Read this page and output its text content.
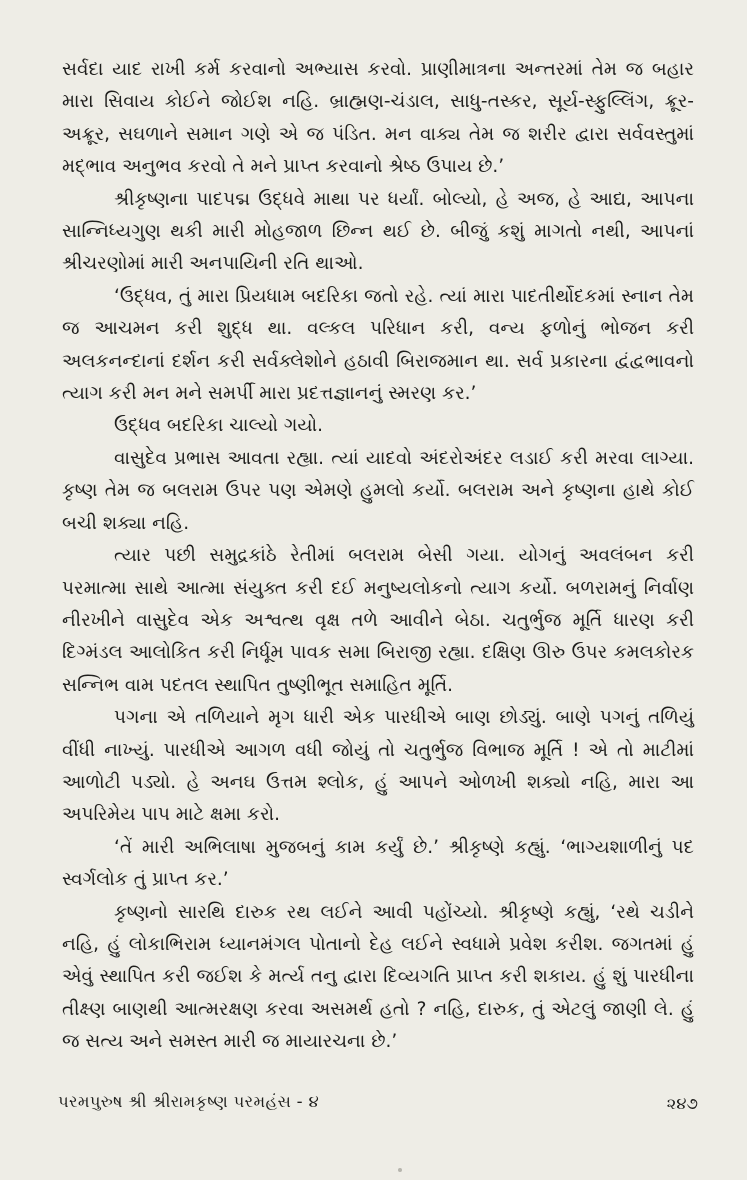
સર્વદા યાદ રાખી કર્મ કરવાનો અભ્યાસ કરવો. પ્રાણીમાત્રના અન્તરમાં તેમ જ બહાર મારા સિવાય કોઈને જોઈશ નહિ. બ્રાહ્મણ-ચંડાલ, સાધુ-તસ્કર, સૂર્ય-સ્ફુલ્લિંગ, ક્રૂર-અક્રૂર, સઘળાને સમાન ગણે એ જ પંડિત. મન વાક્ય તેમ જ શરીર દ્વારા સર્વવસ્તુમાં મદ્ભાવ અનુભવ કરવો તે મને પ્રાપ્ત કરવાનો શ્રેષ્ઠ ઉપાય છે.’

શ્રીકૃષ્ણના પાદપદ્મ ઉદ્ધવે માથા પર ધર્યાં. બોલ્યો, હે અજ, હે આદ્ય, આપના સાન્નિધ્યગુણ થકી મારી મોહજાળ છિન્ન થઈ છે. બીજું કશું માગતો નથી, આપનાં શ્રીચરણોમાં મારી અનપાયિની રતિ થાઓ.

‘ઉદ્ધવ, તું મારા પ્રિયધામ બદરિકા જતો રહે. ત્યાં મારા પાદતીર્થોદકમાં સ્નાન તેમ જ આચમન કરી શુદ્ધ થા. વલ્કલ પરિધાન કરી, વન્ય ફળોનું ભોજન કરી અલકનન્દાનાં દર્શન કરી સર્વક્લેશોને હઠાવી બિરાજમાન થા. સર્વ પ્રકારના દ્વંદ્વભાવનો ત્યાગ કરી મન મને સમર્પી મારા પ્રદત્તજ્ઞાનનું સ્મરણ કર.’

ઉદ્ધવ બદરિકા ચાલ્યો ગયો.

વાસુદેવ પ્રભાસ આવતા રહ્યા. ત્યાં યાદવો અંદરોઅંદર લડાઈ કરી મરવા લાગ્યા. કૃષ્ણ તેમ જ બલરામ ઉપર પણ એમણે હુમલો કર્યો. બલરામ અને કૃષ્ણના હાથે કોઈ બચી શક્યા નહિ.

ત્યાર પછી સમુદ્રકાંઠે રેતીમાં બલરામ બેસી ગયા. યોગનું અવલંબન કરી પરમાત્મા સાથે આત્મા સંયુક્ત કરી દઈ મનુષ્યલોકનો ત્યાગ કર્યો. બળરામનું નિર્વાણ નીરખીને વાસુદેવ એક અશ્વત્થ વૃક્ષ તળે આવીને બેઠા. ચતુર્ભુજ મૂર્તિ ધારણ કરી દિગ્મંડલ આલોકિત કરી નિર્ધૂમ પાવક સમા બિરાજી રહ્યા. દક્ષિણ ઊરુ ઉપર કમલકોરક સન્નિભ વામ પદતલ સ્થાપિત તુષ્ણીભૂત સમાહિત મૂર્તિ.

પગના એ તળિયાને મૃગ ધારી એક પારધીએ બાણ છોડ્યું. બાણે પગનું તળિયું વીંધી નાખ્યું. પારધીએ આગળ વધી જોયું તો ચતુર્ભુજ વિભાજ મૂર્તિ ! એ તો માટીમાં આળોટી પડ્યો. હે અનઘ ઉત્તમ શ્લોક, હું આપને ઓળખી શક્યો નહિ, મારા આ અપરિમેય પાપ માટે ક્ષમા કરો.

‘તેં મારી અભિલાષા મુજબનું કામ કર્યું છે.’ શ્રીકૃષ્ણે કહ્યું. ‘ભાગ્યશાળીનું પદ સ્વર્ગલોક તું પ્રાપ્ત કર.’

કૃષ્ણનો સારથિ દારુક રથ લઈને આવી પહોંચ્યો. શ્રીકૃષ્ણે કહ્યું, ‘રથે ચડીને નહિ, હું લોકાભિરામ ધ્યાનમંગલ પોતાનો દેહ લઈને સ્વધામે પ્રવેશ કરીશ. જગતમાં હું એવું સ્થાપિત કરી જઈશ કે મર્ત્ય તનુ દ્વારા દિવ્યગતિ પ્રાપ્ત કરી શકાય. હું શું પારધીના તીક્ષ્ણ બાણથી આત્મરક્ષણ કરવા અસમર્થ હતો ? નહિ, દારુક, તું એટલું જાણી લે. હું જ સત્ય અને સમસ્ત મારી જ માયારચના છે.’

પરમપુરુષ શ્રી શ્રીરામકૃષ્ણ પરમહંસ - ૪	૨૪૭
